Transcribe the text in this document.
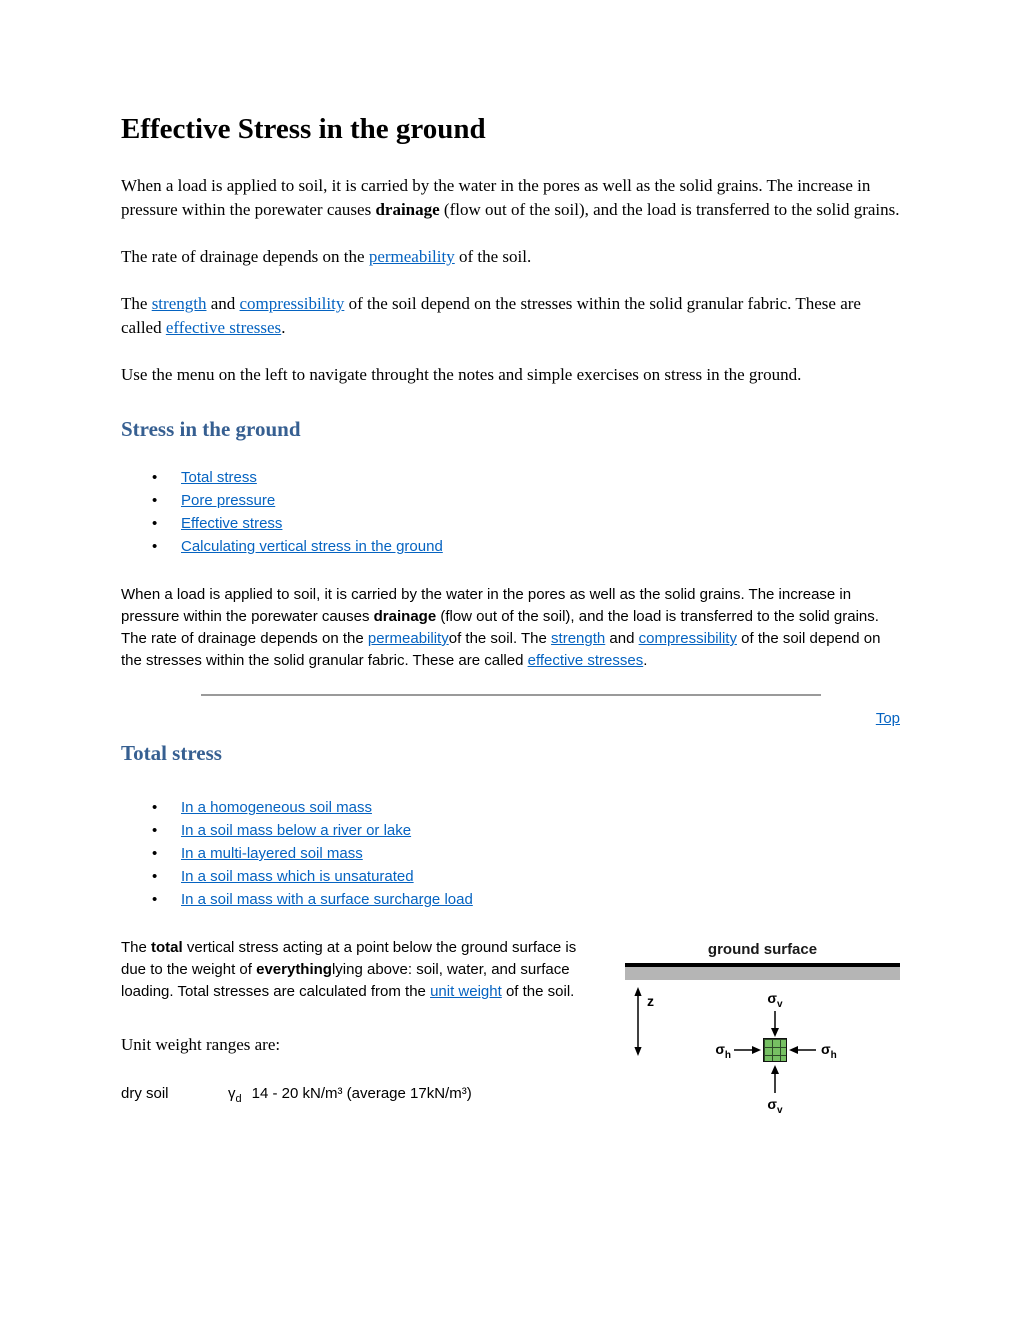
Effective Stress in the ground

When a load is applied to soil, it is carried by the water in the pores as well as the solid grains. The increase in pressure within the porewater causes drainage (flow out of the soil), and the load is transferred to the solid grains.

The rate of drainage depends on the permeability of the soil.

The strength and compressibility of the soil depend on the stresses within the solid granular fabric. These are called effective stresses.

Use the menu on the left to navigate throught the notes and simple exercises on stress in the ground.

Stress in the ground
• Total stress
• Pore pressure
• Effective stress
• Calculating vertical stress in the ground

When a load is applied to soil, it is carried by the water in the pores as well as the solid grains. The increase in pressure within the porewater causes drainage (flow out of the soil), and the load is transferred to the solid grains. The rate of drainage depends on the permeabilityof the soil. The strength and compressibility of the soil depend on the stresses within the solid granular fabric. These are called effective stresses.

Top
Total stress
• In a homogeneous soil mass
• In a soil mass below a river or lake
• In a multi-layered soil mass
• In a soil mass which is unsaturated
• In a soil mass with a surface surcharge load
ground surface
z	$\sigma_v$
$\sigma_h$	$\sigma_h$
$\sigma_v$

The total vertical stress acting at a point below the ground surface is due to the weight of everythinglying above: soil, water, and surface loading. Total stresses are calculated from the unit weight of the soil.

Unit weight ranges are:

dry soil	$\gamma_d$ 14 - 20 kN/m³ (average 17kN/m³)
